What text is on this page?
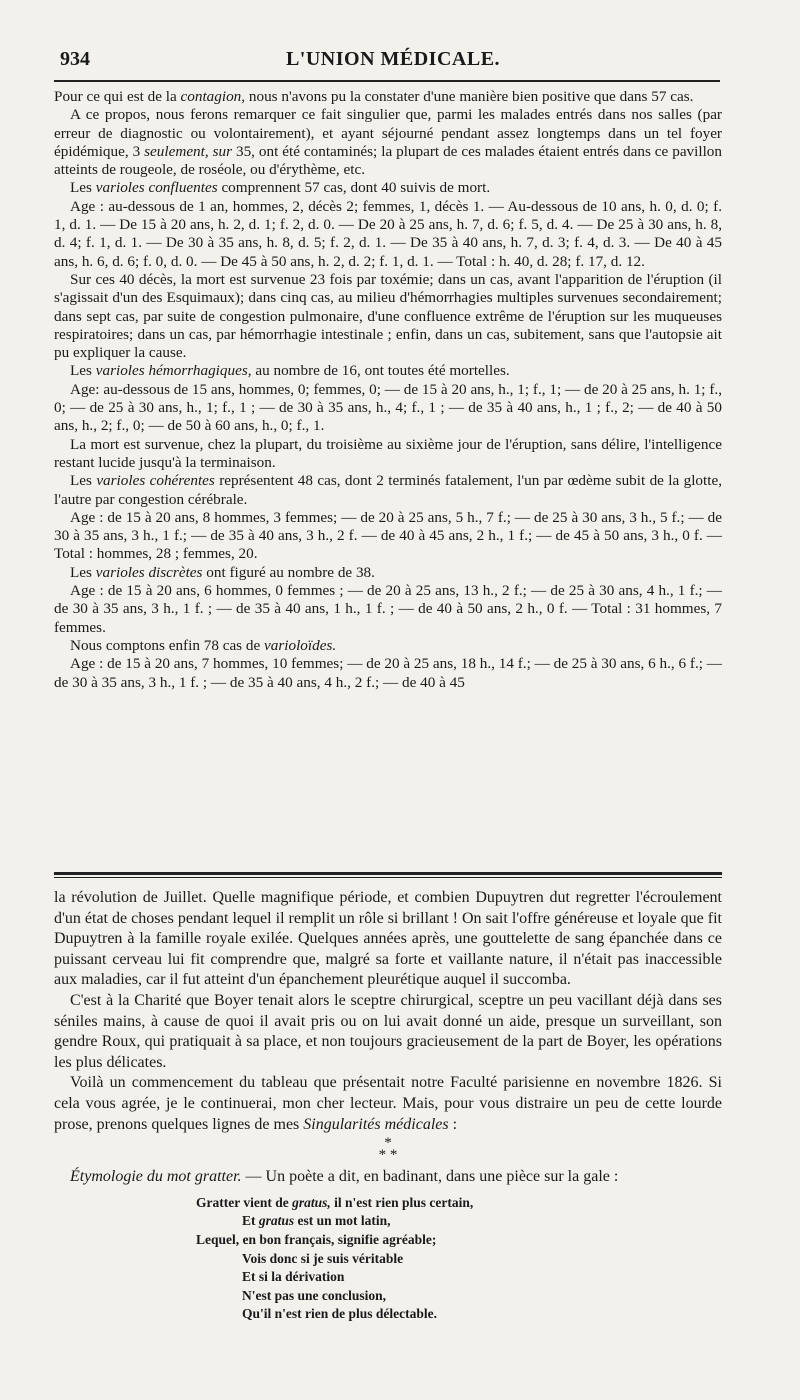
934	L'UNION MÉDICALE.

Pour ce qui est de la contagion, nous n'avons pu la constater d'une manière bien positive que dans 57 cas.

A ce propos, nous ferons remarquer ce fait singulier que, parmi les malades entrés dans nos salles (par erreur de diagnostic ou volontairement), et ayant séjourné pendant assez longtemps dans un tel foyer épidémique, 3 seulement, sur 35, ont été contaminés; la plupart de ces malades étaient entrés dans ce pavillon atteints de rougeole, de roséole, ou d'érythème, etc.

Les varioles confluentes comprennent 57 cas, dont 40 suivis de mort.

Age : au-dessous de 1 an, hommes, 2, décès 2; femmes, 1, décès 1. — Au-dessous de 10 ans, h. 0, d. 0; f. 1, d. 1. — De 15 à 20 ans, h. 2, d. 1; f. 2, d. 0. — De 20 à 25 ans, h. 7, d. 6; f. 5, d. 4. — De 25 à 30 ans, h. 8, d. 4; f. 1, d. 1. — De 30 à 35 ans, h. 8, d. 5; f. 2, d. 1. — De 35 à 40 ans, h. 7, d. 3; f. 4, d. 3. — De 40 à 45 ans, h. 6, d. 6; f. 0, d. 0. — De 45 à 50 ans, h. 2, d. 2; f. 1, d. 1. — Total : h. 40, d. 28; f. 17, d. 12.

Sur ces 40 décès, la mort est survenue 23 fois par toxémie; dans un cas, avant l'apparition de l'éruption (il s'agissait d'un des Esquimaux); dans cinq cas, au milieu d'hémorrhagies multiples survenues secondairement; dans sept cas, par suite de congestion pulmonaire, d'une confluence extrême de l'éruption sur les muqueuses respiratoires; dans un cas, par hémorrhagie intestinale ; enfin, dans un cas, subitement, sans que l'autopsie ait pu expliquer la cause.

Les varioles hémorrhagiques, au nombre de 16, ont toutes été mortelles.

Age: au-dessous de 15 ans, hommes, 0; femmes, 0; — de 15 à 20 ans, h., 1; f., 1; — de 20 à 25 ans, h. 1; f., 0; — de 25 à 30 ans, h., 1; f., 1 ; — de 30 à 35 ans, h., 4; f., 1 ; — de 35 à 40 ans, h., 1 ; f., 2; — de 40 à 50 ans, h., 2; f., 0; — de 50 à 60 ans, h., 0; f., 1.

La mort est survenue, chez la plupart, du troisième au sixième jour de l'éruption, sans délire, l'intelligence restant lucide jusqu'à la terminaison.

Les varioles cohérentes représentent 48 cas, dont 2 terminés fatalement, l'un par œdème subit de la glotte, l'autre par congestion cérébrale.

Age : de 15 à 20 ans, 8 hommes, 3 femmes; — de 20 à 25 ans, 5 h., 7 f.; — de 25 à 30 ans, 3 h., 5 f.; — de 30 à 35 ans, 3 h., 1 f.; — de 35 à 40 ans, 3 h., 2 f. — de 40 à 45 ans, 2 h., 1 f.; — de 45 à 50 ans, 3 h., 0 f. — Total : hommes, 28 ; femmes, 20.

Les varioles discrètes ont figuré au nombre de 38.

Age : de 15 à 20 ans, 6 hommes, 0 femmes ; — de 20 à 25 ans, 13 h., 2 f.; — de 25 à 30 ans, 4 h., 1 f.; — de 30 à 35 ans, 3 h., 1 f. ; — de 35 à 40 ans, 1 h., 1 f. ; — de 40 à 50 ans, 2 h., 0 f. — Total : 31 hommes, 7 femmes.

Nous comptons enfin 78 cas de varioloïdes.

Age : de 15 à 20 ans, 7 hommes, 10 femmes; — de 20 à 25 ans, 18 h., 14 f.; — de 25 à 30 ans, 6 h., 6 f.; — de 30 à 35 ans, 3 h., 1 f. ; — de 35 à 40 ans, 4 h., 2 f.; — de 40 à 45

la révolution de Juillet. Quelle magnifique période, et combien Dupuytren dut regretter l'écroulement d'un état de choses pendant lequel il remplit un rôle si brillant ! On sait l'offre généreuse et loyale que fit Dupuytren à la famille royale exilée. Quelques années après, une gouttelette de sang épanchée dans ce puissant cerveau lui fit comprendre que, malgré sa forte et vaillante nature, il n'était pas inaccessible aux maladies, car il fut atteint d'un épanchement pleurétique auquel il succomba.

C'est à la Charité que Boyer tenait alors le sceptre chirurgical, sceptre un peu vacillant déjà dans ses séniles mains, à cause de quoi il avait pris ou on lui avait donné un aide, presque un surveillant, son gendre Roux, qui pratiquait à sa place, et non toujours gracieusement de la part de Boyer, les opérations les plus délicates.

Voilà un commencement du tableau que présentait notre Faculté parisienne en novembre 1826. Si cela vous agrée, je le continuerai, mon cher lecteur. Mais, pour vous distraire un peu de cette lourde prose, prenons quelques lignes de mes Singularités médicales :

*
* *

Étymologie du mot gratter. — Un poète a dit, en badinant, dans une pièce sur la gale :

Gratter vient de gratus, il n'est rien plus certain,
Et gratus est un mot latin,
Lequel, en bon français, signifie agréable;
Vois donc si je suis véritable
Et si la dérivation
N'est pas une conclusion,
Qu'il n'est rien de plus délectable.
